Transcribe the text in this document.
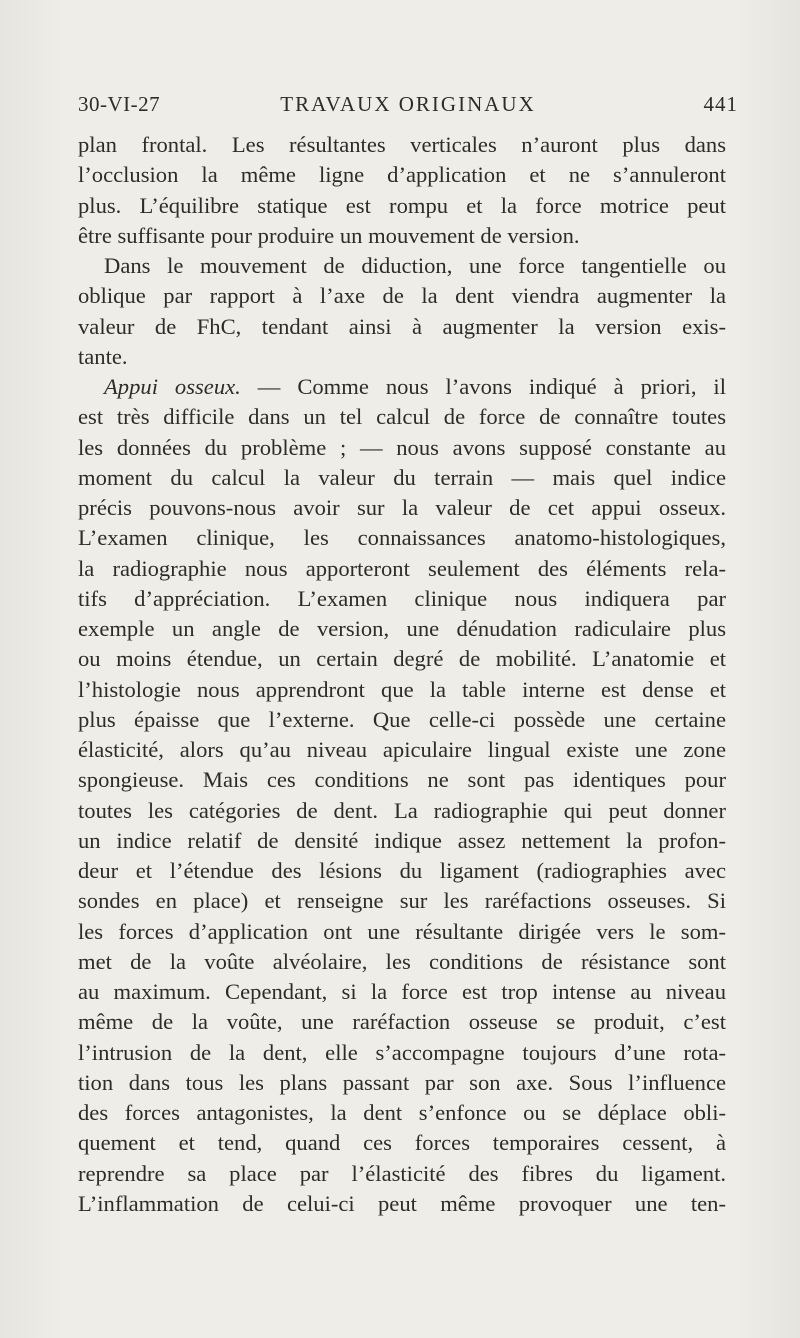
30-VI-27	TRAVAUX ORIGINAUX	441
plan frontal. Les résultantes verticales n’auront plus dans
l’occlusion la même ligne d’application et ne s’annuleront
plus. L’équilibre statique est rompu et la force motrice peut
être suffisante pour produire un mouvement de version.
Dans le mouvement de diduction, une force tangentielle ou
oblique par rapport à l’axe de la dent viendra augmenter la
valeur de FhC, tendant ainsi à augmenter la version exis-
tante.
Appui osseux. — Comme nous l’avons indiqué à priori, il
est très difficile dans un tel calcul de force de connaître toutes
les données du problème ; — nous avons supposé constante au
moment du calcul la valeur du terrain — mais quel indice
précis pouvons-nous avoir sur la valeur de cet appui osseux.
L’examen clinique, les connaissances anatomo-histologiques,
la radiographie nous apporteront seulement des éléments rela-
tifs d’appréciation. L’examen clinique nous indiquera par
exemple un angle de version, une dénudation radiculaire plus
ou moins étendue, un certain degré de mobilité. L’anatomie et
l’histologie nous apprendront que la table interne est dense et
plus épaisse que l’externe. Que celle-ci possède une certaine
élasticité, alors qu’au niveau apiculaire lingual existe une zone
spongieuse. Mais ces conditions ne sont pas identiques pour
toutes les catégories de dent. La radiographie qui peut donner
un indice relatif de densité indique assez nettement la profon-
deur et l’étendue des lésions du ligament (radiographies avec
sondes en place) et renseigne sur les raréfactions osseuses. Si
les forces d’application ont une résultante dirigée vers le som-
met de la voûte alvéolaire, les conditions de résistance sont
au maximum. Cependant, si la force est trop intense au niveau
même de la voûte, une raréfaction osseuse se produit, c’est
l’intrusion de la dent, elle s’accompagne toujours d’une rota-
tion dans tous les plans passant par son axe. Sous l’influence
des forces antagonistes, la dent s’enfonce ou se déplace obli-
quement et tend, quand ces forces temporaires cessent, à
reprendre sa place par l’élasticité des fibres du ligament.
L’inflammation de celui-ci peut même provoquer une ten-
